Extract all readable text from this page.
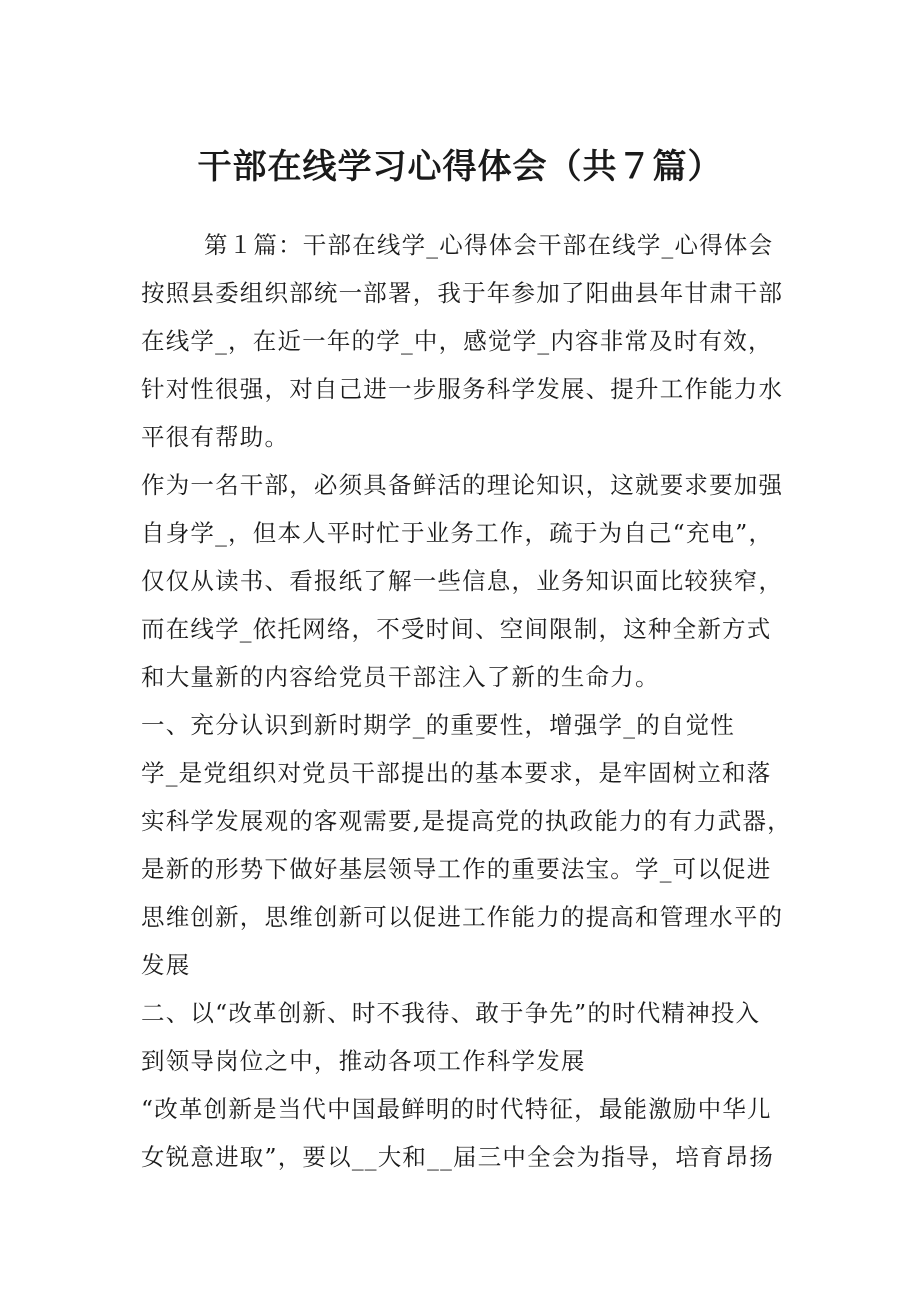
干部在线学习心得体会（共７篇）
第１篇：干部在线学_心得体会干部在线学_心得体会
按照县委组织部统一部署，我于年参加了阳曲县年甘肃干部
在线学_，在近一年的学_中，感觉学_内容非常及时有效，
针对性很强，对自己进一步服务科学发展、提升工作能力水
平很有帮助。
作为一名干部，必须具备鲜活的理论知识，这就要求要加强
自身学_，但本人平时忙于业务工作，疏于为自己“充电”，
仅仅从读书、看报纸了解一些信息，业务知识面比较狭窄，
而在线学_依托网络，不受时间、空间限制，这种全新方式
和大量新的内容给党员干部注入了新的生命力。
一、充分认识到新时期学_的重要性，增强学_的自觉性
学_是党组织对党员干部提出的基本要求，是牢固树立和落
实科学发展观的客观需要,是提高党的执政能力的有力武器，
是新的形势下做好基层领导工作的重要法宝。学_可以促进
思维创新，思维创新可以促进工作能力的提高和管理水平的
发展
二、以“改革创新、时不我待、敢于争先”的时代精神投入
到领导岗位之中，推动各项工作科学发展
“改革创新是当代中国最鲜明的时代特征，最能激励中华儿
女锐意进取”，要以__大和__届三中全会为指导，培育昂扬
